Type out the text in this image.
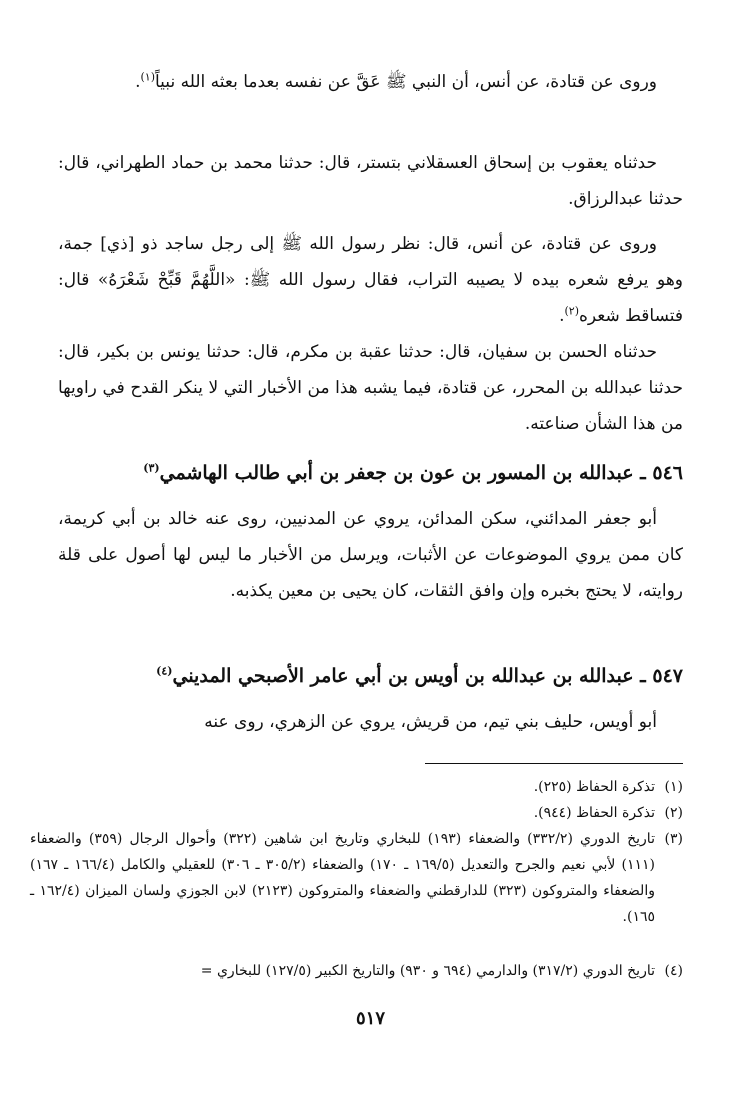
وروى عن قتادة، عن أنس، أن النبي ﷺ عَقَّ عن نفسه بعدما بعثه الله نبياً$^{(١)}$.
حدثناه يعقوب بن إسحاق العسقلاني بتستر، قال: حدثنا محمد بن حماد الطهراني، قال: حدثنا عبدالرزاق.
وروى عن قتادة، عن أنس، قال: نظر رسول الله ﷺ إلى رجل ساجد ذو [ذي] جمة، وهو يرفع شعره بيده لا يصيبه التراب، فقال رسول الله ﷺ: «اللَّهُمَّ قَبِّحْ شَعْرَهُ» قال: فتساقط شعره$^{(٢)}$.
حدثناه الحسن بن سفيان، قال: حدثنا عقبة بن مكرم، قال: حدثنا يونس بن بكير، قال: حدثنا عبدالله بن المحرر، عن قتادة، فيما يشبه هذا من الأخبار التي لا ينكر القدح في راويها من هذا الشأن صناعته.
٥٤٦ ـ عبدالله بن المسور بن عون بن جعفر بن أبي طالب الهاشمي$^{(٣)}$
أبو جعفر المدائني، سكن المدائن، يروي عن المدنيين، روى عنه خالد بن أبي كريمة، كان ممن يروي الموضوعات عن الأثبات، ويرسل من الأخبار ما ليس لها أصول على قلة روايته، لا يحتج بخبره وإن وافق الثقات، كان يحيى بن معين يكذبه.
٥٤٧ ـ عبدالله بن عبدالله بن أويس بن أبي عامر الأصبحي المديني$^{(٤)}$
أبو أويس، حليف بني تيم، من قريش، يروي عن الزهري، روى عنه
(١)تذكرة الحفاظ (٢٢٥).
(٢)تذكرة الحفاظ (٩٤٤).
(٣)تاريخ الدوري (٣٣٢/٢) والضعفاء (١٩٣) للبخاري وتاريخ ابن شاهين (٣٢٢) وأحوال الرجال (٣٥٩) والضعفاء (١١١) لأبي نعيم والجرح والتعديل (١٦٩/٥ ـ ١٧٠) والضعفاء (٣٠٥/٢ ـ ٣٠٦) للعقيلي والكامل (١٦٦/٤ ـ ١٦٧) والضعفاء والمتروكون (٣٢٣) للدارقطني والضعفاء والمتروكون (٢١٢٣) لابن الجوزي ولسان الميزان (١٦٢/٤ ـ ١٦٥).
(٤)تاريخ الدوري (٣١٧/٢) والدارمي (٦٩٤ و ٩٣٠) والتاريخ الكبير (١٢٧/٥) للبخاري =
٥١٧
